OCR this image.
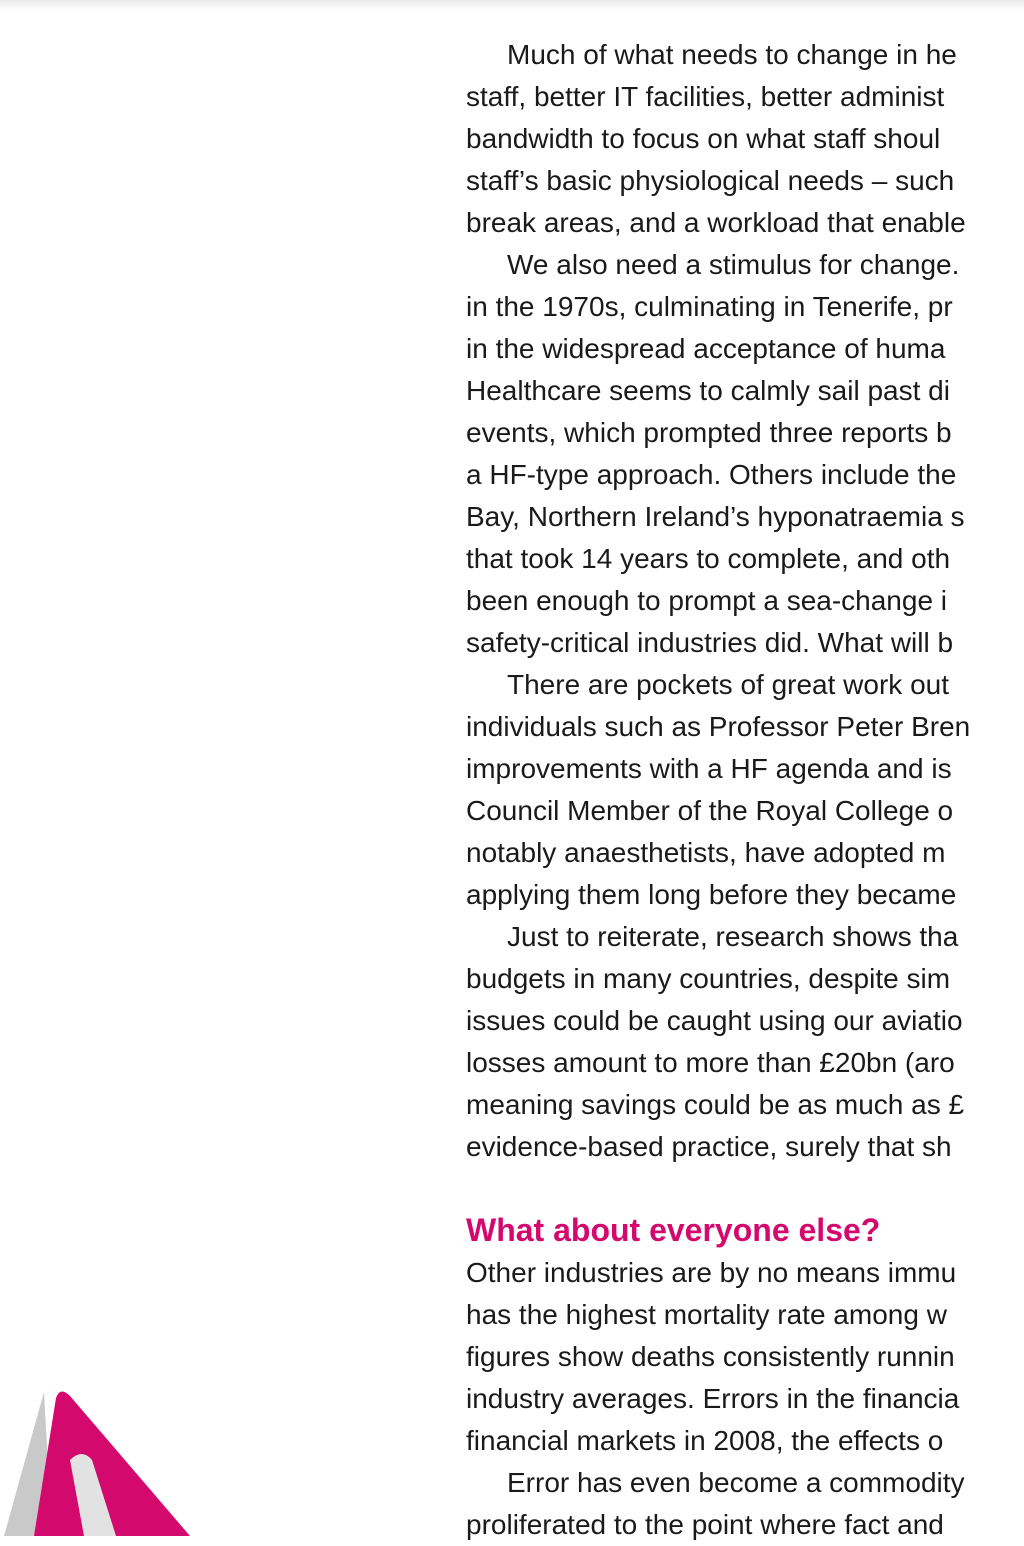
Much of what needs to change in he
staff, better IT facilities, better administ
bandwidth to focus on what staff shoul
staff’s basic physiological needs – such
break areas, and a workload that enable
We also need a stimulus for change.
in the 1970s, culminating in Tenerife, pr
in the widespread acceptance of huma
Healthcare seems to calmly sail past di
events, which prompted three reports b
a HF-type approach. Others include the
Bay, Northern Ireland’s hyponatraemia s
that took 14 years to complete, and oth
been enough to prompt a sea-change i
safety-critical industries did. What will b
There are pockets of great work out
individuals such as Professor Peter Bren
improvements with a HF agenda and is
Council Member of the Royal College o
notably anaesthetists, have adopted m
applying them long before they became
Just to reiterate, research shows tha
budgets in many countries, despite sim
issues could be caught using our aviatio
losses amount to more than £20bn (aro
meaning savings could be as much as £
evidence-based practice, surely that sh
What about everyone else?
Other industries are by no means immu
has the highest mortality rate among w
figures show deaths consistently runnin
industry averages. Errors in the financia
financial markets in 2008, the effects o
Error has even become a commodity
proliferated to the point where fact and
